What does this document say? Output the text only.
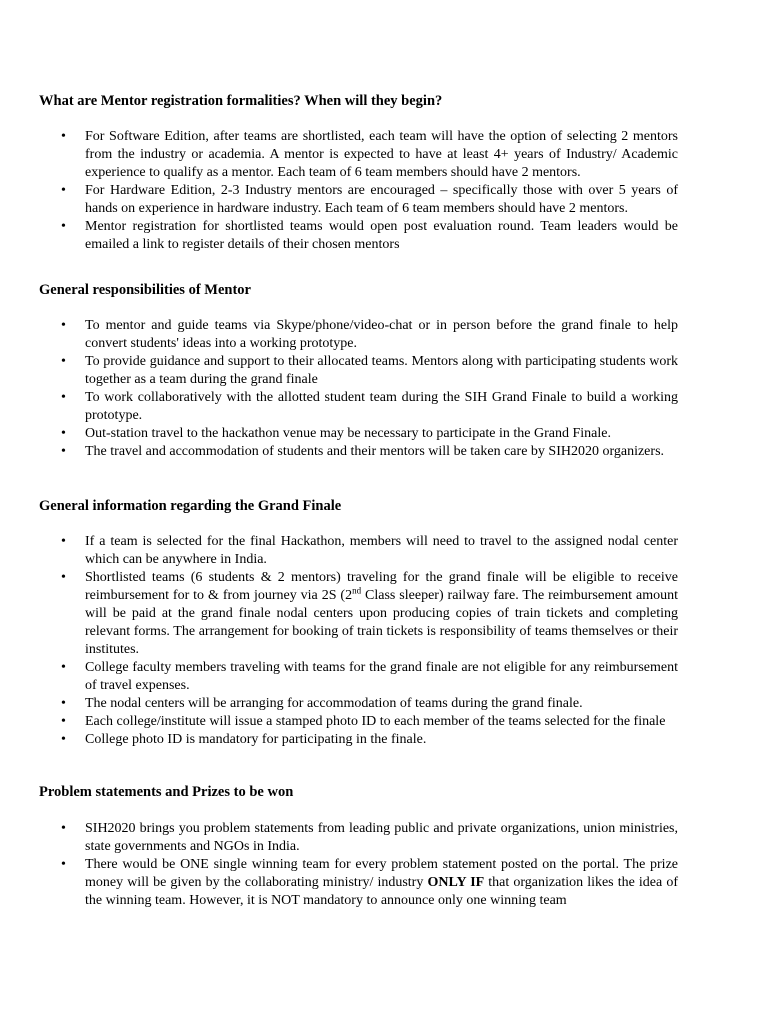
What are Mentor registration formalities? When will they begin?
• For Software Edition, after teams are shortlisted, each team will have the option of selecting 2 mentors from the industry or academia. A mentor is expected to have at least 4+ years of Industry/ Academic experience to qualify as a mentor. Each team of 6 team members should have 2 mentors.
• For Hardware Edition, 2-3 Industry mentors are encouraged – specifically those with over 5 years of hands on experience in hardware industry. Each team of 6 team members should have 2 mentors.
• Mentor registration for shortlisted teams would open post evaluation round. Team leaders would be emailed a link to register details of their chosen mentors
General responsibilities of Mentor
• To mentor and guide teams via Skype/phone/video-chat or in person before the grand finale to help convert students' ideas into a working prototype.
• To provide guidance and support to their allocated teams. Mentors along with participating students work together as a team during the grand finale
• To work collaboratively with the allotted student team during the SIH Grand Finale to build a working prototype.
• Out-station travel to the hackathon venue may be necessary to participate in the Grand Finale.
• The travel and accommodation of students and their mentors will be taken care by SIH2020 organizers.
General information regarding the Grand Finale
• If a team is selected for the final Hackathon, members will need to travel to the assigned nodal center which can be anywhere in India.
• Shortlisted teams (6 students & 2 mentors) traveling for the grand finale will be eligible to receive reimbursement for to & from journey via 2S (2nd Class sleeper) railway fare. The reimbursement amount will be paid at the grand finale nodal centers upon producing copies of train tickets and completing relevant forms. The arrangement for booking of train tickets is responsibility of teams themselves or their institutes.
• College faculty members traveling with teams for the grand finale are not eligible for any reimbursement of travel expenses.
• The nodal centers will be arranging for accommodation of teams during the grand finale.
• Each college/institute will issue a stamped photo ID to each member of the teams selected for the finale
• College photo ID is mandatory for participating in the finale.
Problem statements and Prizes to be won
• SIH2020 brings you problem statements from leading public and private organizations, union ministries, state governments and NGOs in India.
• There would be ONE single winning team for every problem statement posted on the portal. The prize money will be given by the collaborating ministry/ industry ONLY IF that organization likes the idea of the winning team. However, it is NOT mandatory to announce only one winning team
